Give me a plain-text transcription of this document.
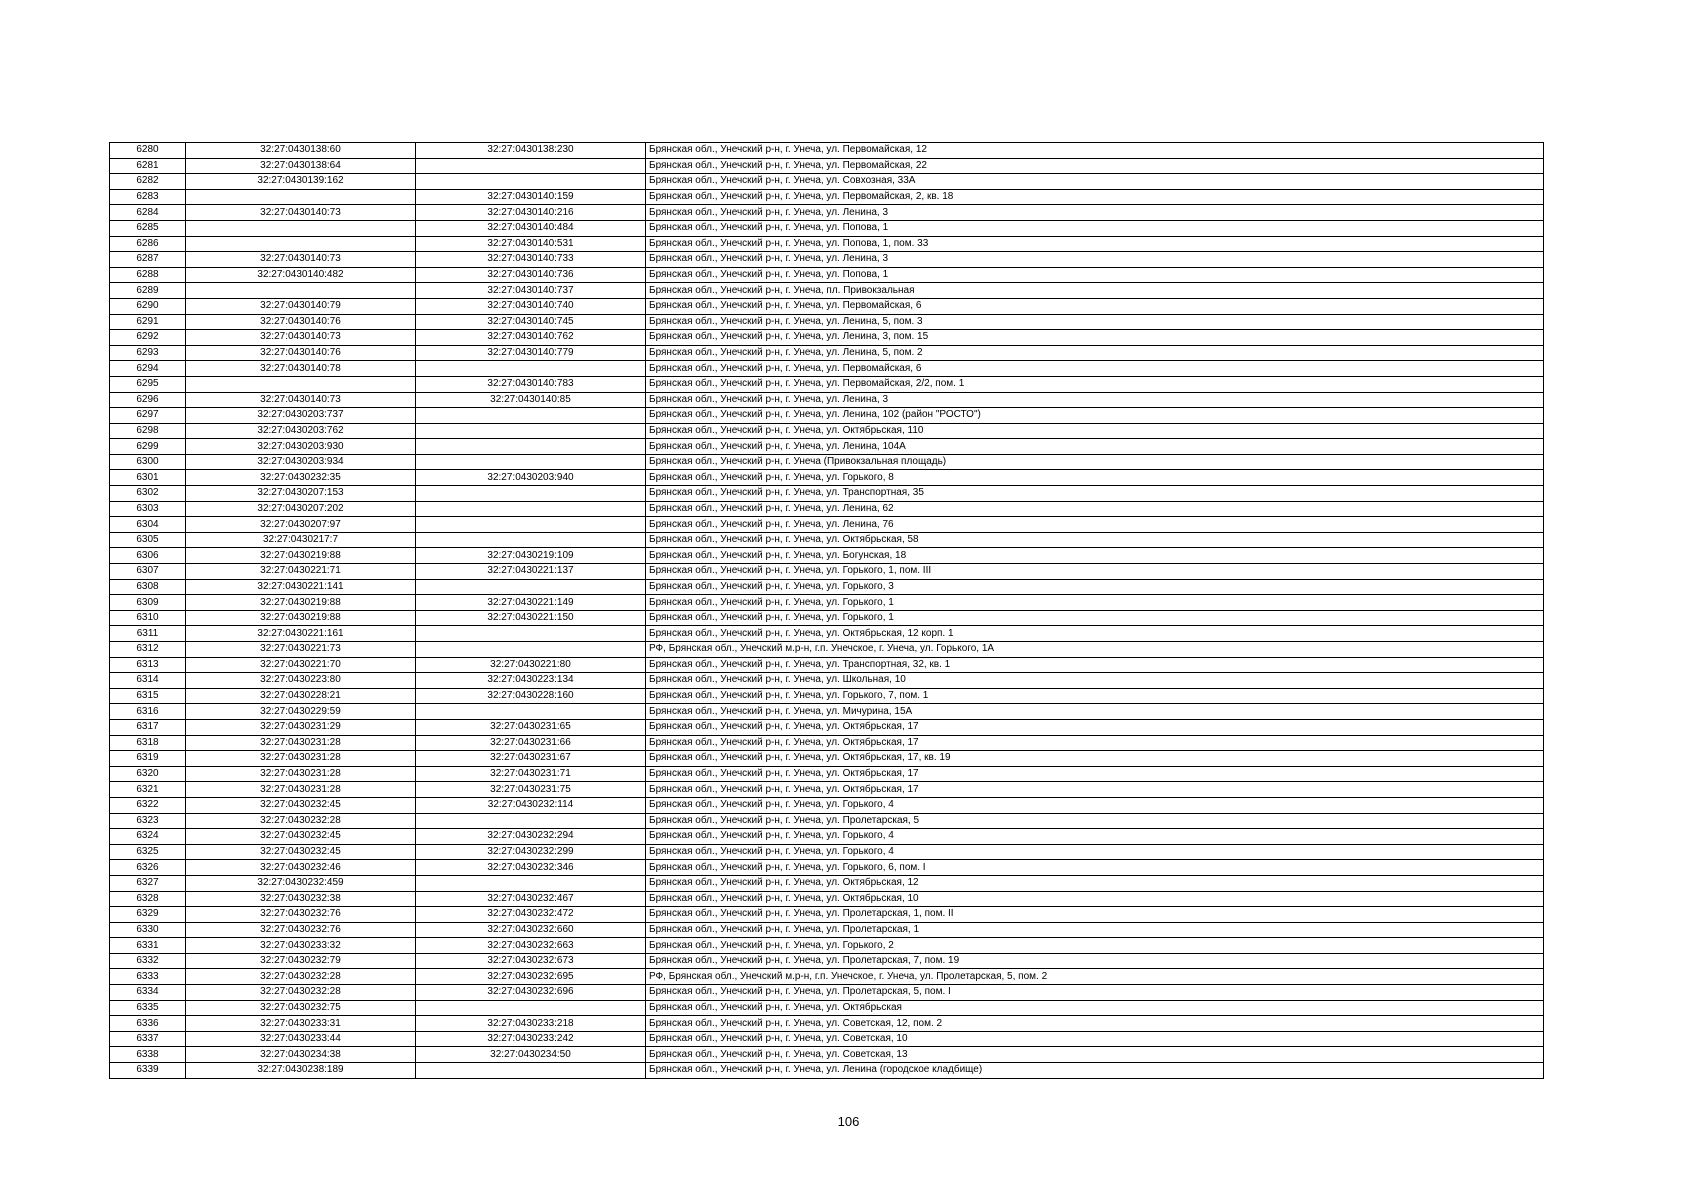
6280	32:27:0430138:60	32:27:0430138:230	Брянская обл., Унечский р-н, г. Унеча, ул. Первомайская, 12
6281	32:27:0430138:64		Брянская обл., Унечский р-н, г. Унеча, ул. Первомайская, 22
6282	32:27:0430139:162		Брянская обл., Унечский р-н, г. Унеча, ул. Совхозная, 33А
6283		32:27:0430140:159	Брянская обл., Унечский р-н, г. Унеча, ул. Первомайская, 2, кв. 18
6284	32:27:0430140:73	32:27:0430140:216	Брянская обл., Унечский р-н, г. Унеча, ул. Ленина, 3
6285		32:27:0430140:484	Брянская обл., Унечский р-н, г. Унеча, ул. Попова, 1
6286		32:27:0430140:531	Брянская обл., Унечский р-н, г. Унеча, ул. Попова, 1, пом. 33
6287	32:27:0430140:73	32:27:0430140:733	Брянская обл., Унечский р-н, г. Унеча, ул. Ленина, 3
6288	32:27:0430140:482	32:27:0430140:736	Брянская обл., Унечский р-н, г. Унеча, ул. Попова, 1
6289		32:27:0430140:737	Брянская обл., Унечский р-н, г. Унеча, пл. Привокзальная
6290	32:27:0430140:79	32:27:0430140:740	Брянская обл., Унечский р-н, г. Унеча, ул. Первомайская, 6
6291	32:27:0430140:76	32:27:0430140:745	Брянская обл., Унечский р-н, г. Унеча, ул. Ленина, 5, пом. 3
6292	32:27:0430140:73	32:27:0430140:762	Брянская обл., Унечский р-н, г. Унеча, ул. Ленина, 3, пом. 15
6293	32:27:0430140:76	32:27:0430140:779	Брянская обл., Унечский р-н, г. Унеча, ул. Ленина, 5, пом. 2
6294	32:27:0430140:78		Брянская обл., Унечский р-н, г. Унеча, ул. Первомайская, 6
6295		32:27:0430140:783	Брянская обл., Унечский р-н, г. Унеча, ул. Первомайская, 2/2, пом. 1
6296	32:27:0430140:73	32:27:0430140:85	Брянская обл., Унечский р-н, г. Унеча, ул. Ленина, 3
6297	32:27:0430203:737		Брянская обл., Унечский р-н, г. Унеча, ул. Ленина, 102 (район "РОСТО")
6298	32:27:0430203:762		Брянская обл., Унечский р-н, г. Унеча, ул. Октябрьская, 110
6299	32:27:0430203:930		Брянская обл., Унечский р-н, г. Унеча, ул. Ленина, 104А
6300	32:27:0430203:934		Брянская обл., Унечский р-н, г. Унеча (Привокзальная площадь)
6301	32:27:0430232:35	32:27:0430203:940	Брянская обл., Унечский р-н, г. Унеча, ул. Горького, 8
6302	32:27:0430207:153		Брянская обл., Унечский р-н, г. Унеча, ул. Транспортная, 35
6303	32:27:0430207:202		Брянская обл., Унечский р-н, г. Унеча, ул. Ленина, 62
6304	32:27:0430207:97		Брянская обл., Унечский р-н, г. Унеча, ул. Ленина, 76
6305	32:27:0430217:7		Брянская обл., Унечский р-н, г. Унеча, ул. Октябрьская, 58
6306	32:27:0430219:88	32:27:0430219:109	Брянская обл., Унечский р-н, г. Унеча, ул. Богунская, 18
6307	32:27:0430221:71	32:27:0430221:137	Брянская обл., Унечский р-н, г. Унеча, ул. Горького, 1, пом. III
6308	32:27:0430221:141		Брянская обл., Унечский р-н, г. Унеча, ул. Горького, 3
6309	32:27:0430219:88	32:27:0430221:149	Брянская обл., Унечский р-н, г. Унеча, ул. Горького, 1
6310	32:27:0430219:88	32:27:0430221:150	Брянская обл., Унечский р-н, г. Унеча, ул. Горького, 1
6311	32:27:0430221:161		Брянская обл., Унечский р-н, г. Унеча, ул. Октябрьская, 12 корп. 1
6312	32:27:0430221:73		РФ, Брянская обл., Унечский м.р-н, г.п. Унечское, г. Унеча, ул. Горького, 1А
6313	32:27:0430221:70	32:27:0430221:80	Брянская обл., Унечский р-н, г. Унеча, ул. Транспортная, 32, кв. 1
6314	32:27:0430223:80	32:27:0430223:134	Брянская обл., Унечский р-н, г. Унеча, ул. Школьная, 10
6315	32:27:0430228:21	32:27:0430228:160	Брянская обл., Унечский р-н, г. Унеча, ул. Горького, 7, пом. 1
6316	32:27:0430229:59		Брянская обл., Унечский р-н, г. Унеча, ул. Мичурина, 15А
6317	32:27:0430231:29	32:27:0430231:65	Брянская обл., Унечский р-н, г. Унеча, ул. Октябрьская, 17
6318	32:27:0430231:28	32:27:0430231:66	Брянская обл., Унечский р-н, г. Унеча, ул. Октябрьская, 17
6319	32:27:0430231:28	32:27:0430231:67	Брянская обл., Унечский р-н, г. Унеча, ул. Октябрьская, 17, кв. 19
6320	32:27:0430231:28	32:27:0430231:71	Брянская обл., Унечский р-н, г. Унеча, ул. Октябрьская, 17
6321	32:27:0430231:28	32:27:0430231:75	Брянская обл., Унечский р-н, г. Унеча, ул. Октябрьская, 17
6322	32:27:0430232:45	32:27:0430232:114	Брянская обл., Унечский р-н, г. Унеча, ул. Горького, 4
6323	32:27:0430232:28		Брянская обл., Унечский р-н, г. Унеча, ул. Пролетарская, 5
6324	32:27:0430232:45	32:27:0430232:294	Брянская обл., Унечский р-н, г. Унеча, ул. Горького, 4
6325	32:27:0430232:45	32:27:0430232:299	Брянская обл., Унечский р-н, г. Унеча, ул. Горького, 4
6326	32:27:0430232:46	32:27:0430232:346	Брянская обл., Унечский р-н, г. Унеча, ул. Горького, 6, пом. I
6327	32:27:0430232:459		Брянская обл., Унечский р-н, г. Унеча, ул. Октябрьская, 12
6328	32:27:0430232:38	32:27:0430232:467	Брянская обл., Унечский р-н, г. Унеча, ул. Октябрьская, 10
6329	32:27:0430232:76	32:27:0430232:472	Брянская обл., Унечский р-н, г. Унеча, ул. Пролетарская, 1, пом. II
6330	32:27:0430232:76	32:27:0430232:660	Брянская обл., Унечский р-н, г. Унеча, ул. Пролетарская, 1
6331	32:27:0430233:32	32:27:0430232:663	Брянская обл., Унечский р-н, г. Унеча, ул. Горького, 2
6332	32:27:0430232:79	32:27:0430232:673	Брянская обл., Унечский р-н, г. Унеча, ул. Пролетарская, 7, пом. 19
6333	32:27:0430232:28	32:27:0430232:695	РФ, Брянская обл., Унечский м.р-н, г.п. Унечское, г. Унеча, ул. Пролетарская, 5, пом. 2
6334	32:27:0430232:28	32:27:0430232:696	Брянская обл., Унечский р-н, г. Унеча, ул. Пролетарская, 5, пом. I
6335	32:27:0430232:75		Брянская обл., Унечский р-н, г. Унеча, ул. Октябрьская
6336	32:27:0430233:31	32:27:0430233:218	Брянская обл., Унечский р-н, г. Унеча, ул. Советская, 12, пом. 2
6337	32:27:0430233:44	32:27:0430233:242	Брянская обл., Унечский р-н, г. Унеча, ул. Советская, 10
6338	32:27:0430234:38	32:27:0430234:50	Брянская обл., Унечский р-н, г. Унеча, ул. Советская, 13
6339	32:27:0430238:189		Брянская обл., Унечский р-н, г. Унеча, ул. Ленина (городское кладбище)
106
